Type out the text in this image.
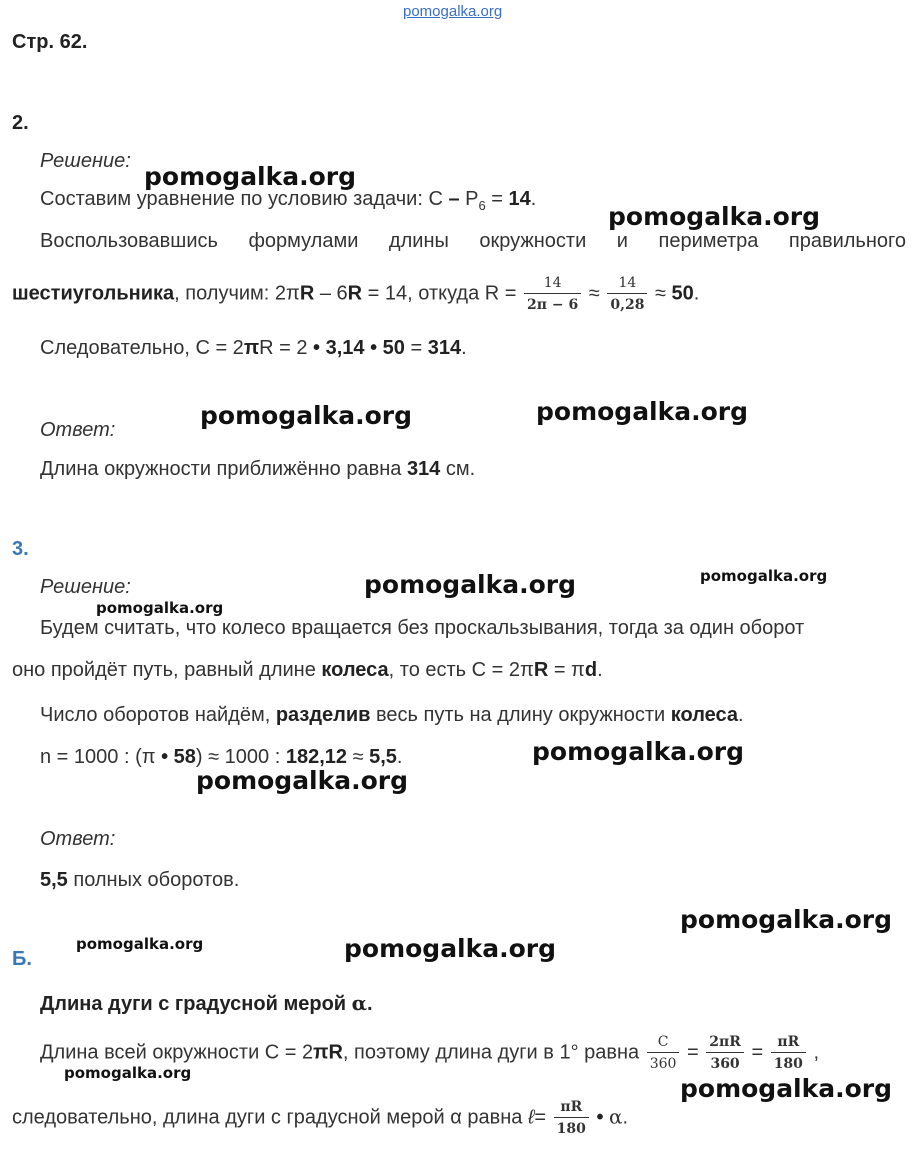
pomogalka.org
Стр. 62.
2.
Решение:
Составим уравнение по условию задачи: $С - P_6 = 14$.
Воспользовавшись формулами длины окружности и периметра правильного
шестиугольника, получим: 2πR – 6R = 14, откуда $R = \frac{14}{2\pi - 6} \approx \frac{14}{0,28} \approx 50$.
Следовательно, С = 2πR = 2 • 3,14 • 50 = 314.
Ответ:
Длина окружности приближённо равна 314 см.
3.
Решение:
Будем считать, что колесо вращается без проскальзывания, тогда за один оборот
оно пройдёт путь, равный длине колеса, то есть С = 2πR = πd.
Число оборотов найдём, разделив весь путь на длину окружности колеса.
n = 1000 : (π • 58) ≈ 1000 : 182,12 ≈ 5,5.
Ответ:
5,5 полных оборотов.
Б.
Длина дуги с градусной мерой α.
Длина всей окружности С = 2πR, поэтому длина дуги в 1° равна $\frac{C}{360} = \frac{2\pi R}{360} = \frac{\pi R}{180}$ ,
следовательно, длина дуги с градусной мерой α равна ℓ= $\frac{\pi R}{180}$ • α.
pomogalka.org
pomogalka.org
pomogalka.org	pomogalka.org
pomogalka.org	pomogalka.org
pomogalka.org
pomogalka.org
pomogalka.org
pomogalka.org
pomogalka.org	pomogalka.org
pomogalka.org
pomogalka.org
